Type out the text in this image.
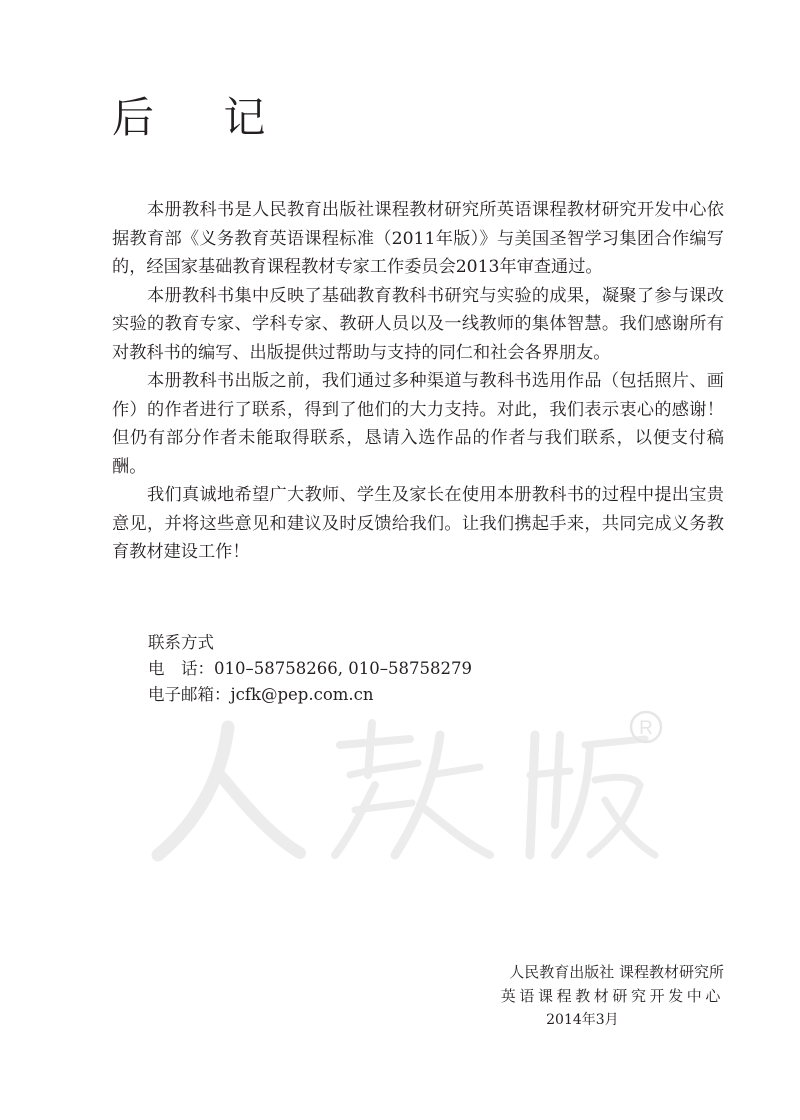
后 记

本册教科书是人民教育出版社课程教材研究所英语课程教材研究开发中心依据教育部《义务教育英语课程标准（2011年版）》与美国圣智学习集团合作编写的，经国家基础教育课程教材专家工作委员会2013年审查通过。

本册教科书集中反映了基础教育教科书研究与实验的成果，凝聚了参与课改实验的教育专家、学科专家、教研人员以及一线教师的集体智慧。我们感谢所有对教科书的编写、出版提供过帮助与支持的同仁和社会各界朋友。

本册教科书出版之前，我们通过多种渠道与教科书选用作品（包括照片、画作）的作者进行了联系，得到了他们的大力支持。对此，我们表示衷心的感谢！但仍有部分作者未能取得联系，恳请入选作品的作者与我们联系，以便支付稿酬。

我们真诚地希望广大教师、学生及家长在使用本册教科书的过程中提出宝贵意见，并将这些意见和建议及时反馈给我们。让我们携起手来，共同完成义务教育教材建设工作！

联系方式
电　话：010–58758266, 010–58758279
电子邮箱：jcfk@pep.com.cn
R
人民教育出版社 课程教材研究所
英语课程教材研究开发中心
2014年3月
